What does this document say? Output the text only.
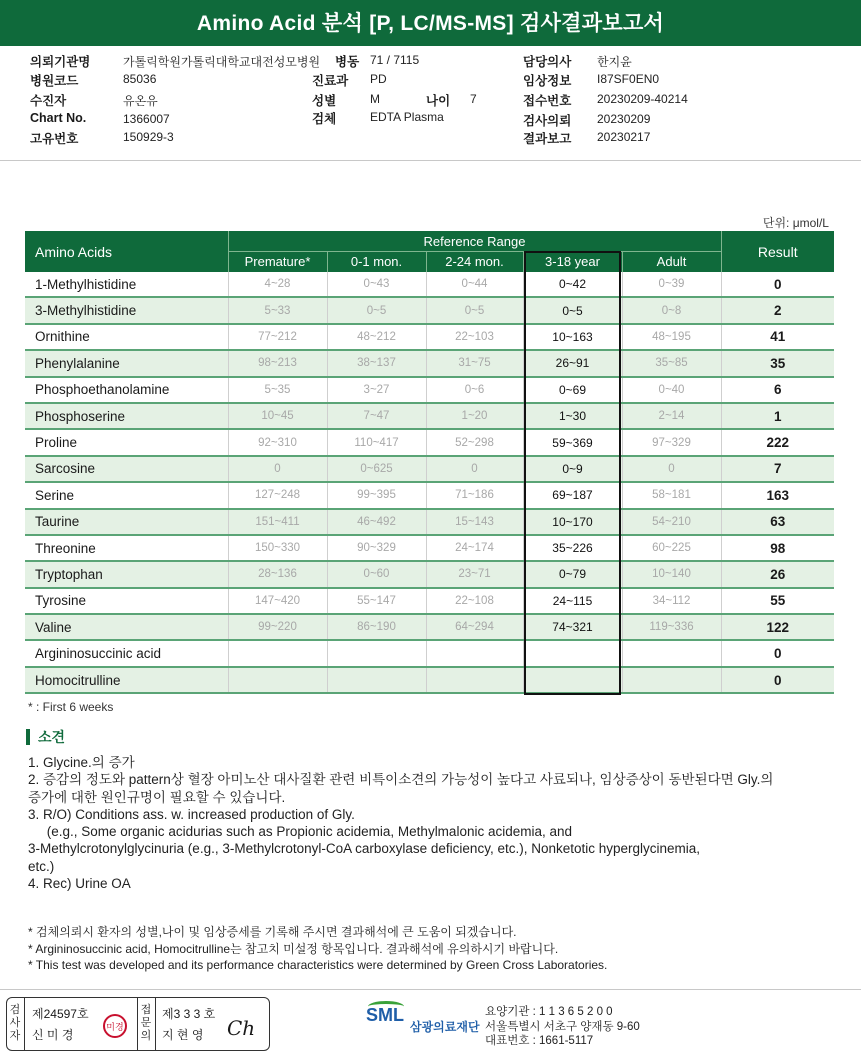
Amino Acid 분석 [P, LC/MS-MS] 검사결과보고서
의뢰기관명	가톨릭학원가톨릭대학교대전성모병원 병동 71 / 7115	담당의사 한지윤
병원코드	85036	진료과 PD	임상정보 I87SF0EN0
수진자	유온유	성별	M	나이 7	접수번호 20230209-40214
Chart No.	1366007	검체	EDTA Plasma	검사의뢰 20230209
고유번호	150929-3	결과보고 20230217
단위: μmol/L
Amino Acids	Reference Range					Result
	Premature*	0-1 mon.	2-24 mon.	3-18 year	Adult	
1-Methylhistidine	4~28	0~43	0~44	0~42	0~39	0
3-Methylhistidine	5~33	0~5	0~5	0~5	0~8	2
Ornithine	77~212	48~212	22~103	10~163	48~195	41
Phenylalanine	98~213	38~137	31~75	26~91	35~85	35
Phosphoethanolamine	5~35	3~27	0~6	0~69	0~40	6
Phosphoserine	10~45	7~47	1~20	1~30	2~14	1
Proline	92~310	110~417	52~298	59~369	97~329	222
Sarcosine	0	0~625	0	0~9	0	7
Serine	127~248	99~395	71~186	69~187	58~181	163
Taurine	151~411	46~492	15~143	10~170	54~210	63
Threonine	150~330	90~329	24~174	35~226	60~225	98
Tryptophan	28~136	0~60	23~71	0~79	10~140	26
Tyrosine	147~420	55~147	22~108	24~115	34~112	55
Valine	99~220	86~190	64~294	74~321	119~336	122
Argininosuccinic acid						0
Homocitrulline						0
* : First 6 weeks
소견

1. Glycine.의 증가

2. 증감의 정도와 pattern상 혈장 아미노산 대사질환 관련 비특이소견의 가능성이 높다고 사료되나, 임상증상이 동반된다면 Gly.의

증가에 대한 원인규명이 필요할 수 있습니다.

3. R/O) Conditions ass. w. increased production of Gly.

(e.g., Some organic acidurias such as Propionic acidemia, Methylmalonic acidemia, and

3-Methylcrotonylglycinuria (e.g., 3-Methylcrotonyl-CoA carboxylase deficiency, etc.), Nonketotic hyperglycinemia,

etc.)

4. Rec) Urine OA

* 검체의뢰시 환자의 성별,나이 및 임상증세를 기록해 주시면 결과해석에 큰 도움이 되겠습니다.

* Argininosuccinic acid, Homocitrulline는 참고치 미설정 항목입니다. 결과해석에 유의하시기 바랍니다.

* This test was developed and its performance characteristics were determined by Green Cross Laboratories.

검
사
자
제24597호
신 미 경
미경
접
문
의
제3 3 3 호
지 현 영 Ch
SML
삼광의료재단

요양기관 : 1 1 3 6 5 2 0 0

서울특별시 서초구 양재동 9-60

대표번호 : 1661-5117
